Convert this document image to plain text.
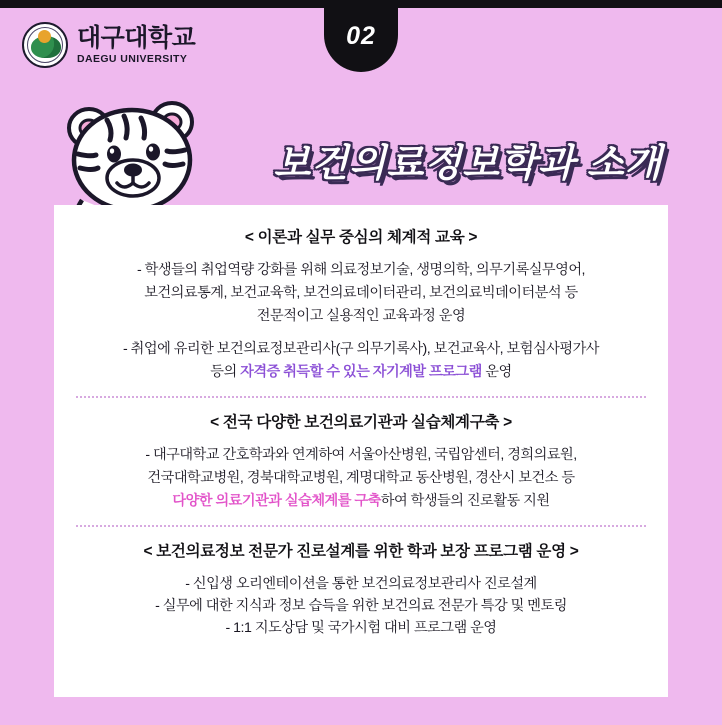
02
대구대학교
DAEGU UNIVERSITY
보건의료정보학과 소개
< 이론과 실무 중심의 체계적 교육 >

- 학생들의 취업역량 강화를 위해 의료정보기술, 생명의학, 의무기록실무영어,
보건의료통계, 보건교육학, 보건의료데이터관리, 보건의료빅데이터분석 등
전문적이고 실용적인 교육과정 운영

- 취업에 유리한 보건의료정보관리사(구 의무기록사), 보건교육사, 보험심사평가사
등의 자격증 취득할 수 있는 자기계발 프로그램 운영

< 전국 다양한 보건의료기관과 실습체계구축 >

- 대구대학교 간호학과와 연계하여 서울아산병원, 국립암센터, 경희의료원,
건국대학교병원, 경북대학교병원, 계명대학교 동산병원, 경산시 보건소 등
다양한 의료기관과 실습체계를 구축하여 학생들의 진로활동 지원

< 보건의료정보 전문가 진로설계를 위한 학과 보장 프로그램 운영 >

- 신입생 오리엔테이션을 통한 보건의료정보관리사 진로설계
- 실무에 대한 지식과 정보 습득을 위한 보건의료 전문가 특강 및 멘토링
- 1:1 지도상담 및 국가시험 대비 프로그램 운영
